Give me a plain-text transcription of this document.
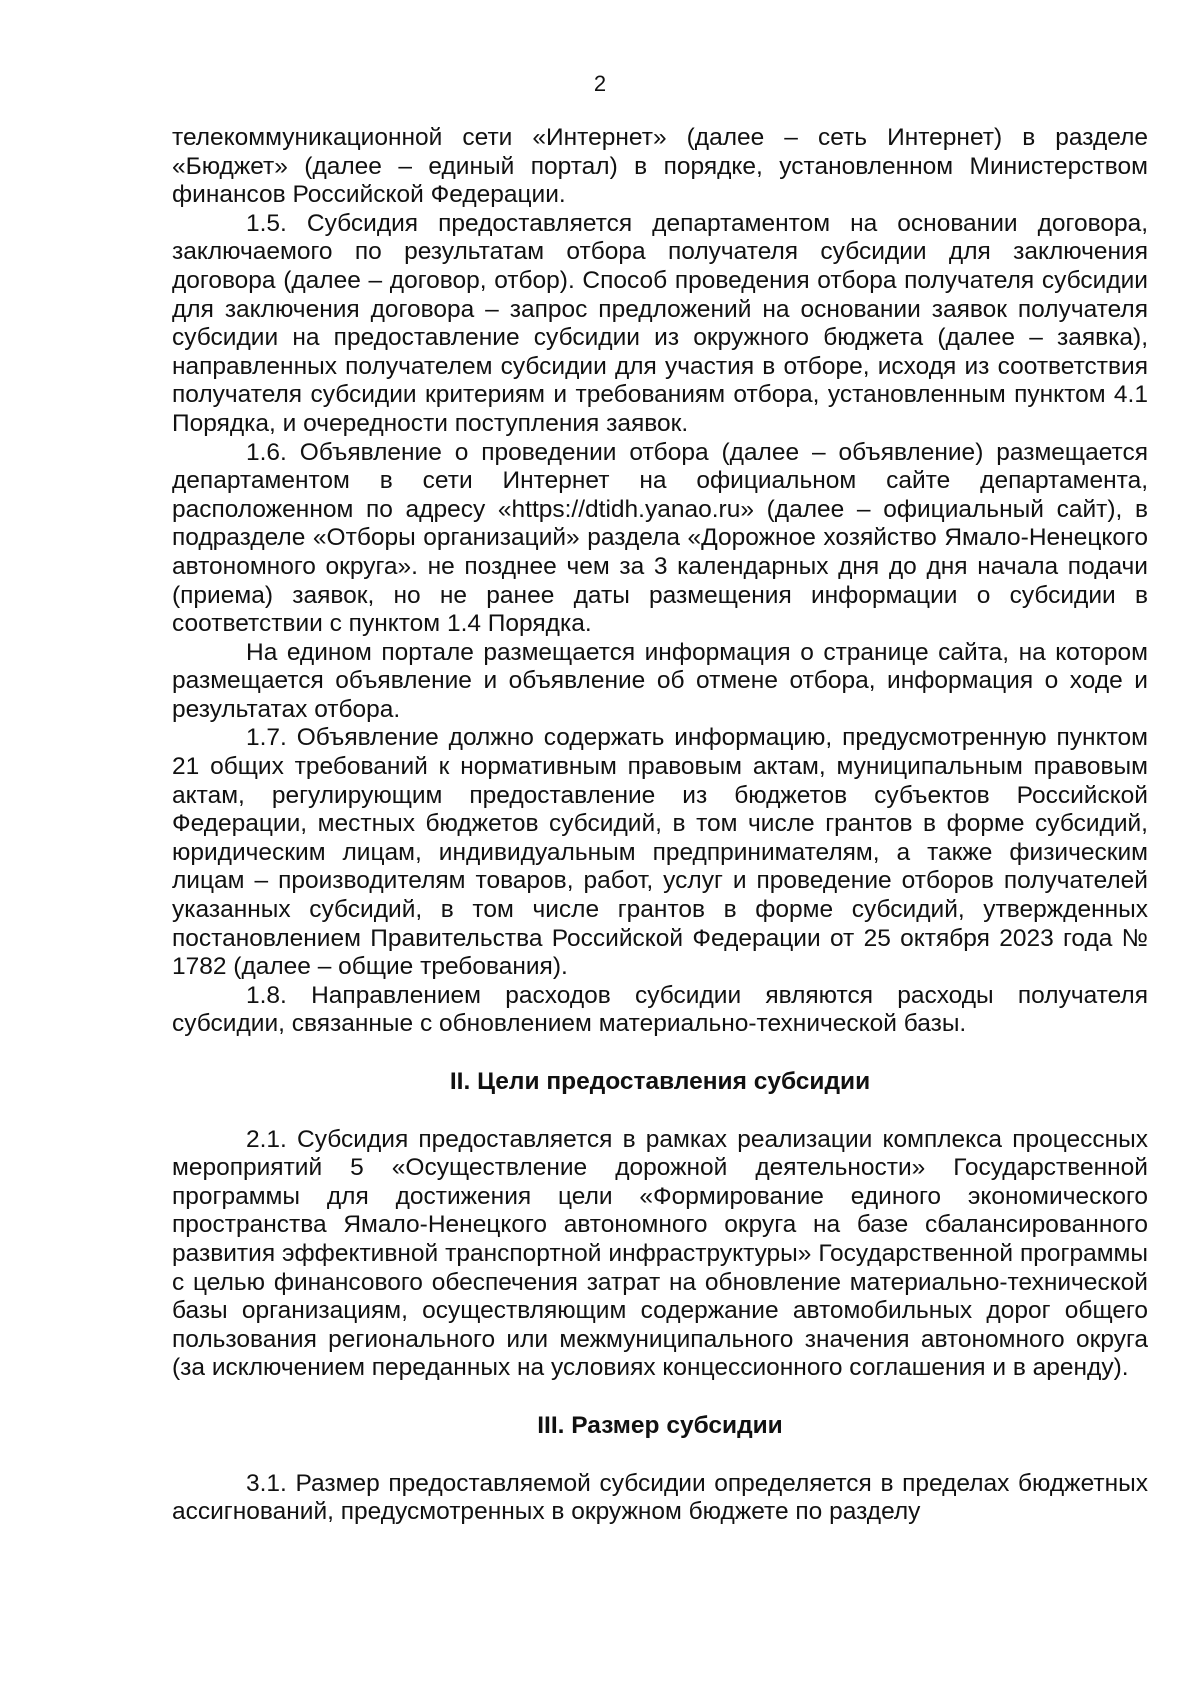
2

телекоммуникационной сети «Интернет» (далее – сеть Интернет) в разделе «Бюджет» (далее – единый портал) в порядке, установленном Министерством финансов Российской Федерации.

1.5. Субсидия предоставляется департаментом на основании договора, заключаемого по результатам отбора получателя субсидии для заключения договора (далее – договор, отбор). Способ проведения отбора получателя субсидии для заключения договора – запрос предложений на основании заявок получателя субсидии на предоставление субсидии из окружного бюджета (далее – заявка), направленных получателем субсидии для участия в отборе, исходя из соответствия получателя субсидии критериям и требованиям отбора, установленным пунктом 4.1 Порядка, и очередности поступления заявок.

1.6. Объявление о проведении отбора (далее – объявление) размещается департаментом в сети Интернет на официальном сайте департамента, расположенном по адресу «https://dtidh.yanao.ru» (далее – официальный сайт), в подразделе «Отборы организаций» раздела «Дорожное хозяйство Ямало-Ненецкого автономного округа». не позднее чем за 3 календарных дня до дня начала подачи (приема) заявок, но не ранее даты размещения информации о субсидии в соответствии с пунктом 1.4 Порядка.

На едином портале размещается информация о странице сайта, на котором размещается объявление и объявление об отмене отбора, информация о ходе и результатах отбора.

1.7. Объявление должно содержать информацию, предусмотренную пунктом 21 общих требований к нормативным правовым актам, муниципальным правовым актам, регулирующим предоставление из бюджетов субъектов Российской Федерации, местных бюджетов субсидий, в том числе грантов в форме субсидий, юридическим лицам, индивидуальным предпринимателям, а также физическим лицам – производителям товаров, работ, услуг и проведение отборов получателей указанных субсидий, в том числе грантов в форме субсидий, утвержденных постановлением Правительства Российской Федерации от 25 октября 2023 года № 1782 (далее – общие требования).

1.8. Направлением расходов субсидии являются расходы получателя субсидии, связанные с обновлением материально-технической базы.

II. Цели предоставления субсидии

2.1. Субсидия предоставляется в рамках реализации комплекса процессных мероприятий 5 «Осуществление дорожной деятельности» Государственной программы для достижения цели «Формирование единого экономического пространства Ямало-Ненецкого автономного округа на базе сбалансированного развития эффективной транспортной инфраструктуры» Государственной программы с целью финансового обеспечения затрат на обновление материально-технической базы организациям, осуществляющим содержание автомобильных дорог общего пользования регионального или межмуниципального значения автономного округа (за исключением переданных на условиях концессионного соглашения и в аренду).

III. Размер субсидии

3.1. Размер предоставляемой субсидии определяется в пределах бюджетных ассигнований, предусмотренных в окружном бюджете по разделу
